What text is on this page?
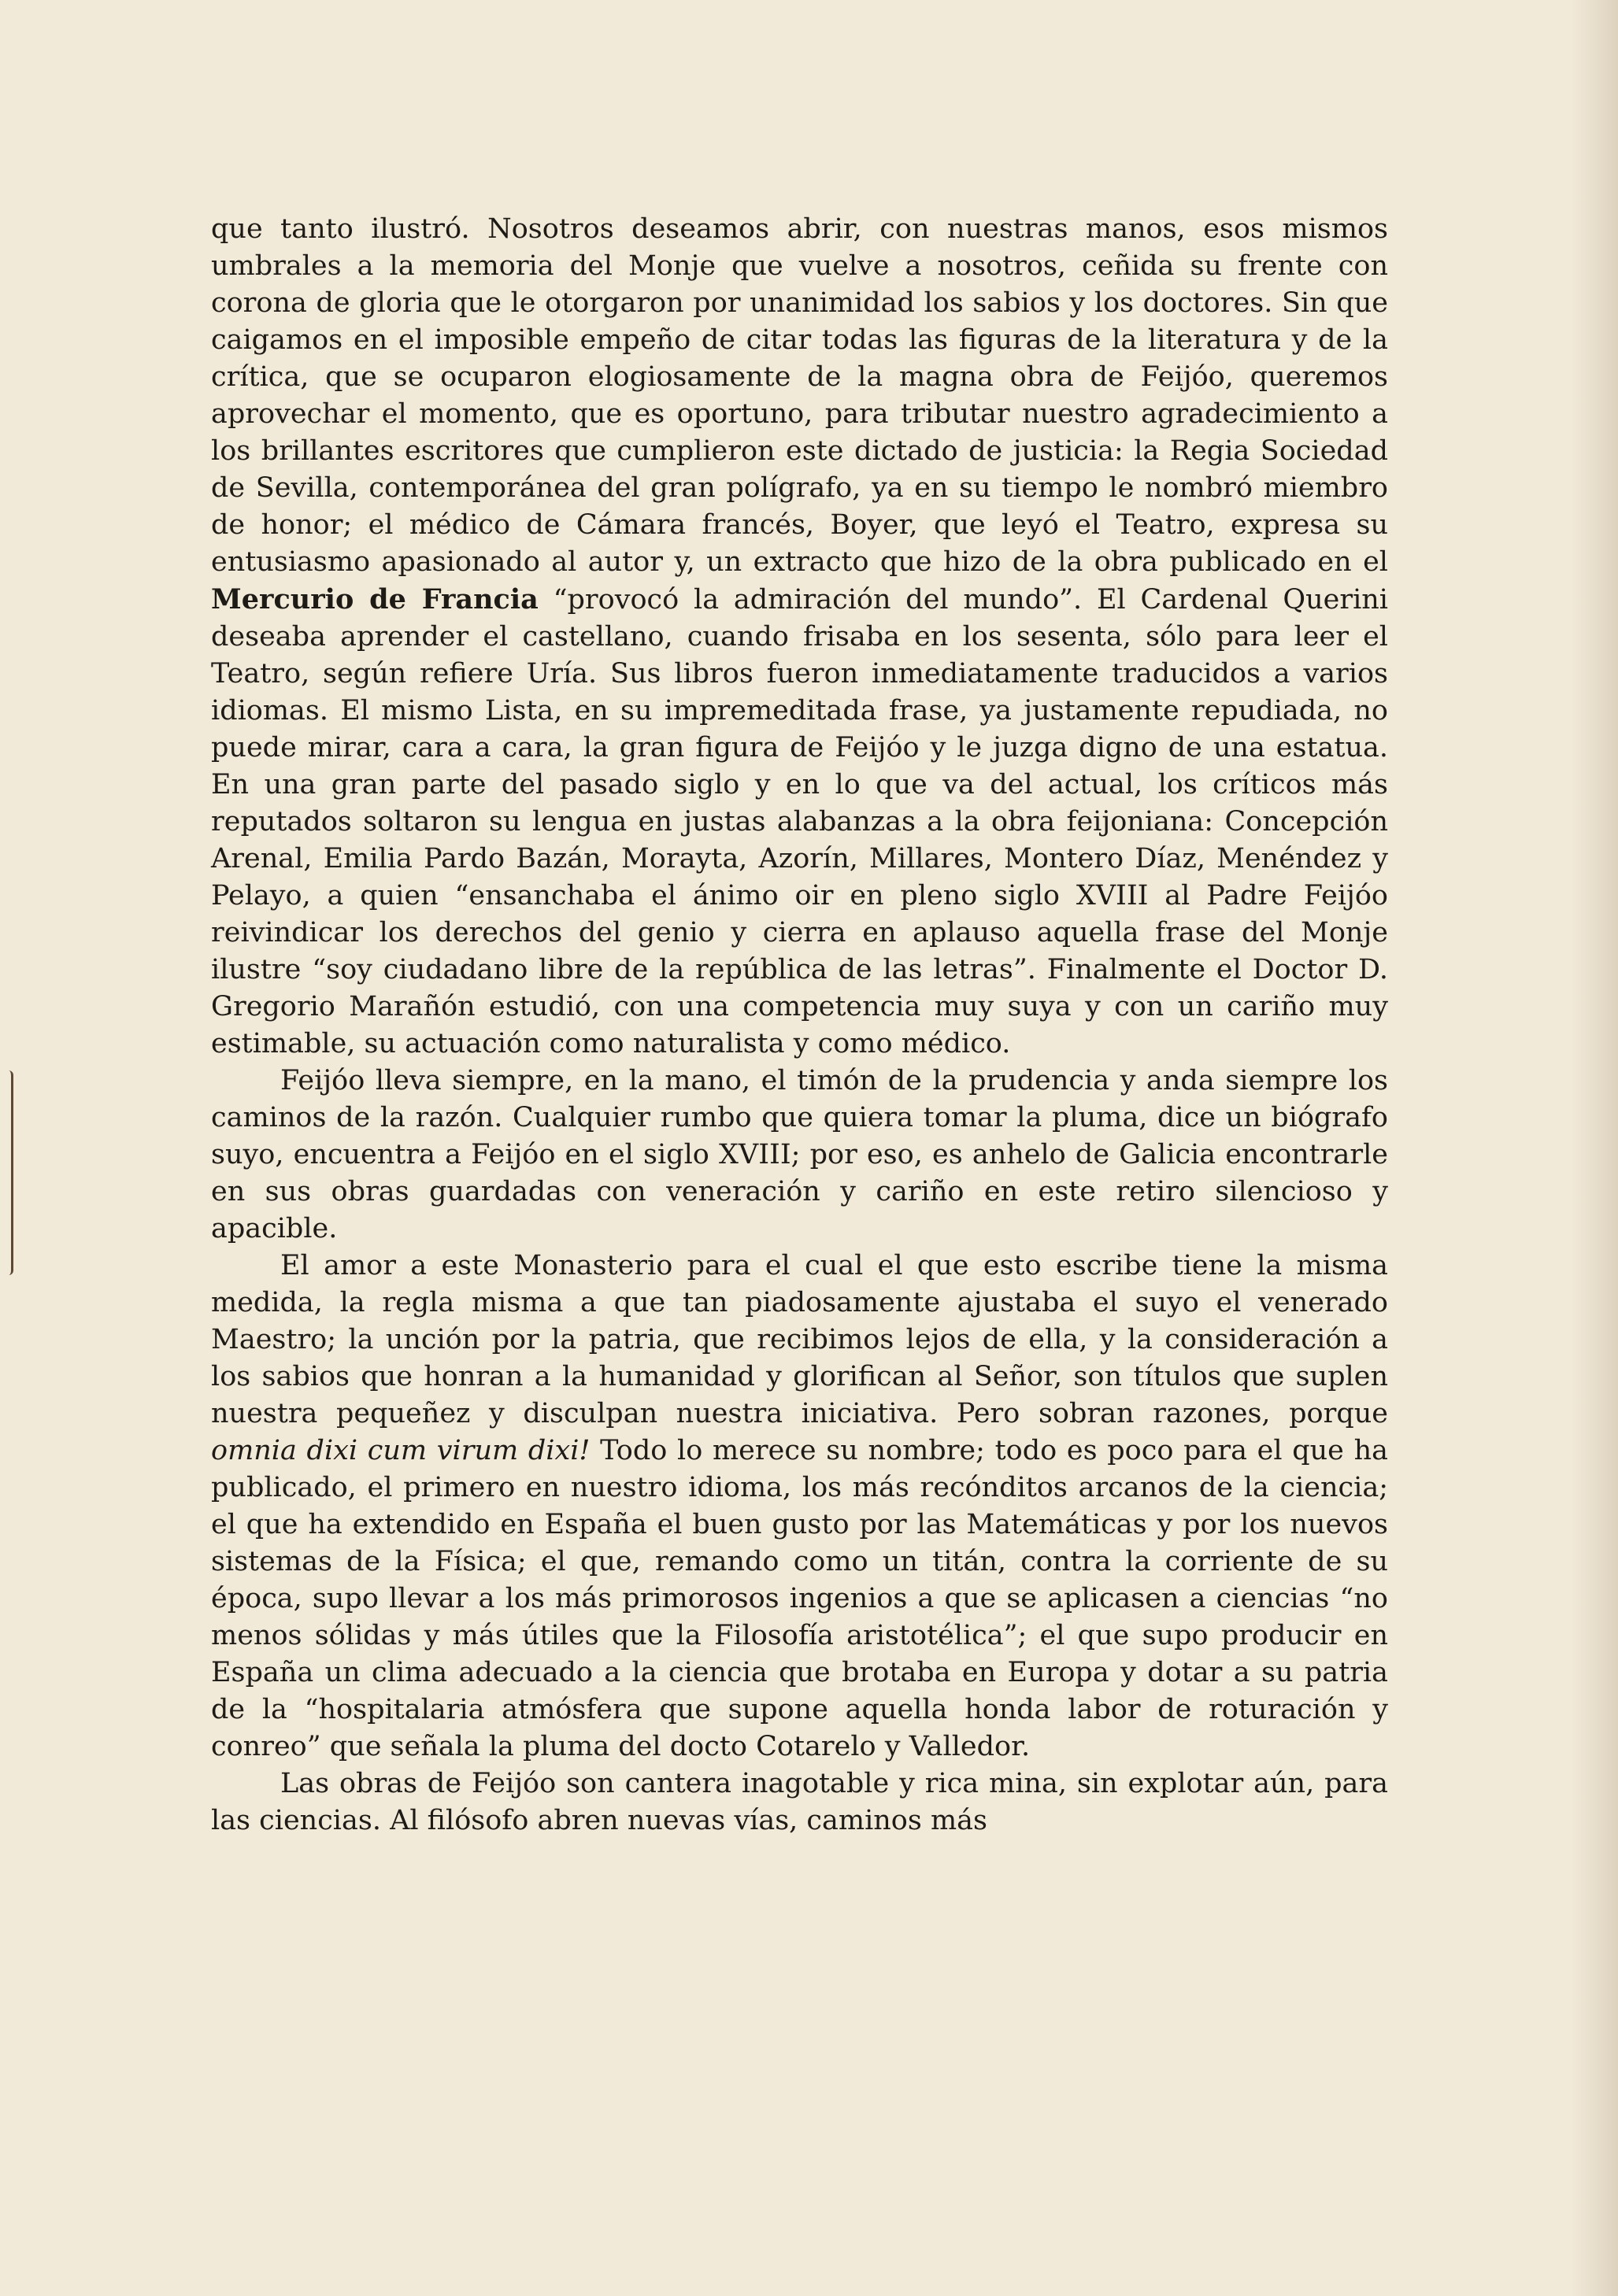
que tanto ilustró. Nosotros deseamos abrir, con nuestras manos, esos mismos umbrales a la memoria del Monje que vuelve a nosotros, ceñida su frente con corona de gloria que le otorgaron por unanimidad los sabios y los doctores. Sin que caigamos en el imposible empeño de citar todas las figuras de la literatura y de la crítica, que se ocuparon elogiosamente de la magna obra de Feijóo, queremos aprovechar el momento, que es oportuno, para tributar nuestro agradecimiento a los brillantes escritores que cumplieron este dictado de justicia: la Regia Sociedad de Sevilla, contemporánea del gran polígrafo, ya en su tiempo le nombró miembro de honor; el médico de Cámara francés, Boyer, que leyó el Teatro, expresa su entusiasmo apasionado al autor y, un extracto que hizo de la obra publicado en el Mercurio de Francia “provocó la admiración del mundo”. El Cardenal Querini deseaba aprender el castellano, cuando frisaba en los sesenta, sólo para leer el Teatro, según refiere Uría. Sus libros fueron inmediatamente traducidos a varios idiomas. El mismo Lista, en su impremeditada frase, ya justamente repudiada, no puede mirar, cara a cara, la gran figura de Feijóo y le juzga digno de una estatua. En una gran parte del pasado siglo y en lo que va del actual, los críticos más reputados soltaron su lengua en justas alabanzas a la obra feijoniana: Concepción Arenal, Emilia Pardo Bazán, Morayta, Azorín, Millares, Montero Díaz, Menéndez y Pelayo, a quien “ensanchaba el ánimo oir en pleno siglo XVIII al Padre Feijóo reivindicar los derechos del genio y cierra en aplauso aquella frase del Monje ilustre “soy ciudadano libre de la república de las letras”. Finalmente el Doctor D. Gregorio Marañón estudió, con una competencia muy suya y con un cariño muy estimable, su actuación como naturalista y como médico.

Feijóo lleva siempre, en la mano, el timón de la prudencia y anda siempre los caminos de la razón. Cualquier rumbo que quiera tomar la pluma, dice un biógrafo suyo, encuentra a Feijóo en el siglo XVIII; por eso, es anhelo de Galicia encontrarle en sus obras guardadas con veneración y cariño en este retiro silencioso y apacible.

El amor a este Monasterio para el cual el que esto escribe tiene la misma medida, la regla misma a que tan piadosamente ajustaba el suyo el venerado Maestro; la unción por la patria, que recibimos lejos de ella, y la consideración a los sabios que honran a la humanidad y glorifican al Señor, son títulos que suplen nuestra pequeñez y disculpan nuestra iniciativa. Pero sobran razones, porque omnia dixi cum virum dixi! Todo lo merece su nombre; todo es poco para el que ha publicado, el primero en nuestro idioma, los más recónditos arcanos de la ciencia; el que ha extendido en España el buen gusto por las Matemáticas y por los nuevos sistemas de la Física; el que, remando como un titán, contra la corriente de su época, supo llevar a los más primorosos ingenios a que se aplicasen a ciencias “no menos sólidas y más útiles que la Filosofía aristotélica”; el que supo producir en España un clima adecuado a la ciencia que brotaba en Europa y dotar a su patria de la “hospitalaria atmósfera que supone aquella honda labor de roturación y conreo” que señala la pluma del docto Cotarelo y Valledor.

Las obras de Feijóo son cantera inagotable y rica mina, sin explotar aún, para las ciencias. Al filósofo abren nuevas vías, caminos más
